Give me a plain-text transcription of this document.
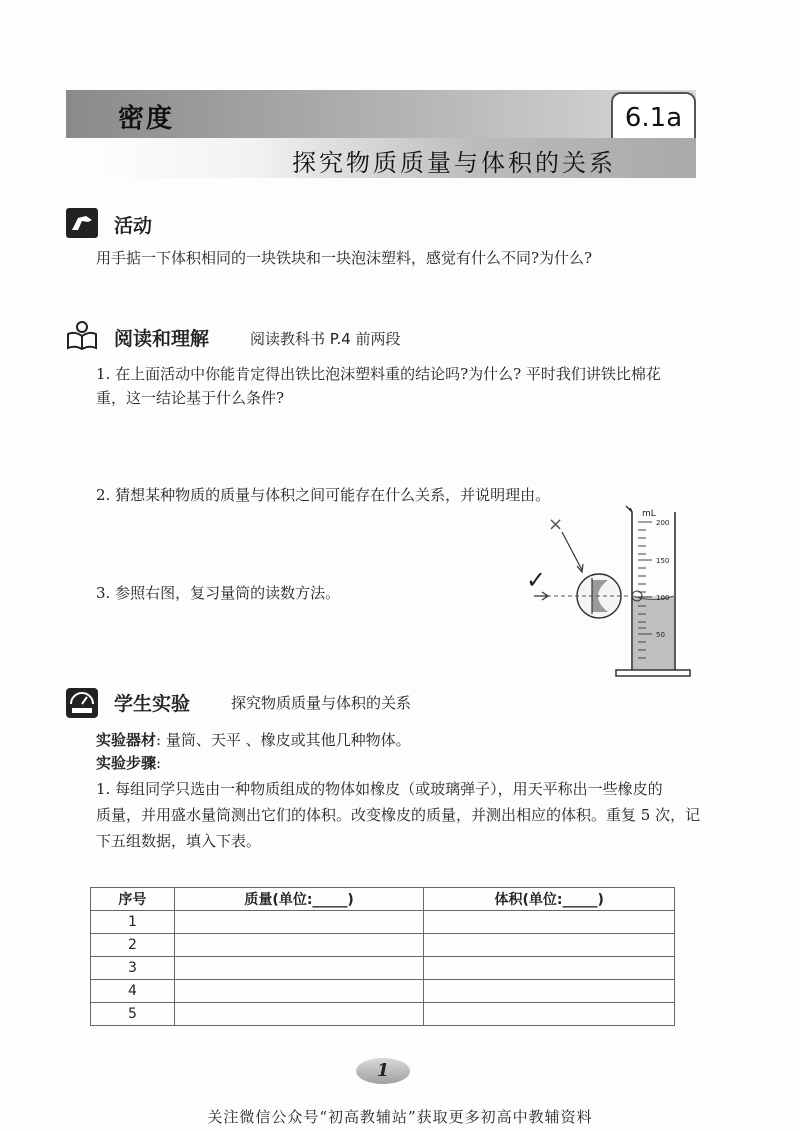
密度	6.1a
探究物质质量与体积的关系
活动
用手掂一下体积相同的一块铁块和一块泡沫塑料，感觉有什么不同?为什么?
阅读和理解	阅读教科书 P.4 前两段
1. 在上面活动中你能肯定得出铁比泡沫塑料重的结论吗?为什么? 平时我们讲铁比棉花
重，这一结论基于什么条件?
2. 猜想某种物质的质量与体积之间可能存在什么关系，并说明理由。
3. 参照右图，复习量筒的读数方法。
mL
200
150
100
50
×
✓
学生实验	探究物质质量与体积的关系
实验器材: 量筒、天平 、橡皮或其他几种物体。
实验步骤:
1. 每组同学只选由一种物质组成的物体如橡皮（或玻璃弹子），用天平称出一些橡皮的
质量，并用盛水量筒测出它们的体积。改变橡皮的质量，并测出相应的体积。重复 5 次，记
下五组数据，填入下表。
序号	质量(单位:_____)	体积(单位:_____)
1		
2		
3		
4		
5		
1
关注微信公众号“初高教辅站”获取更多初高中教辅资料
